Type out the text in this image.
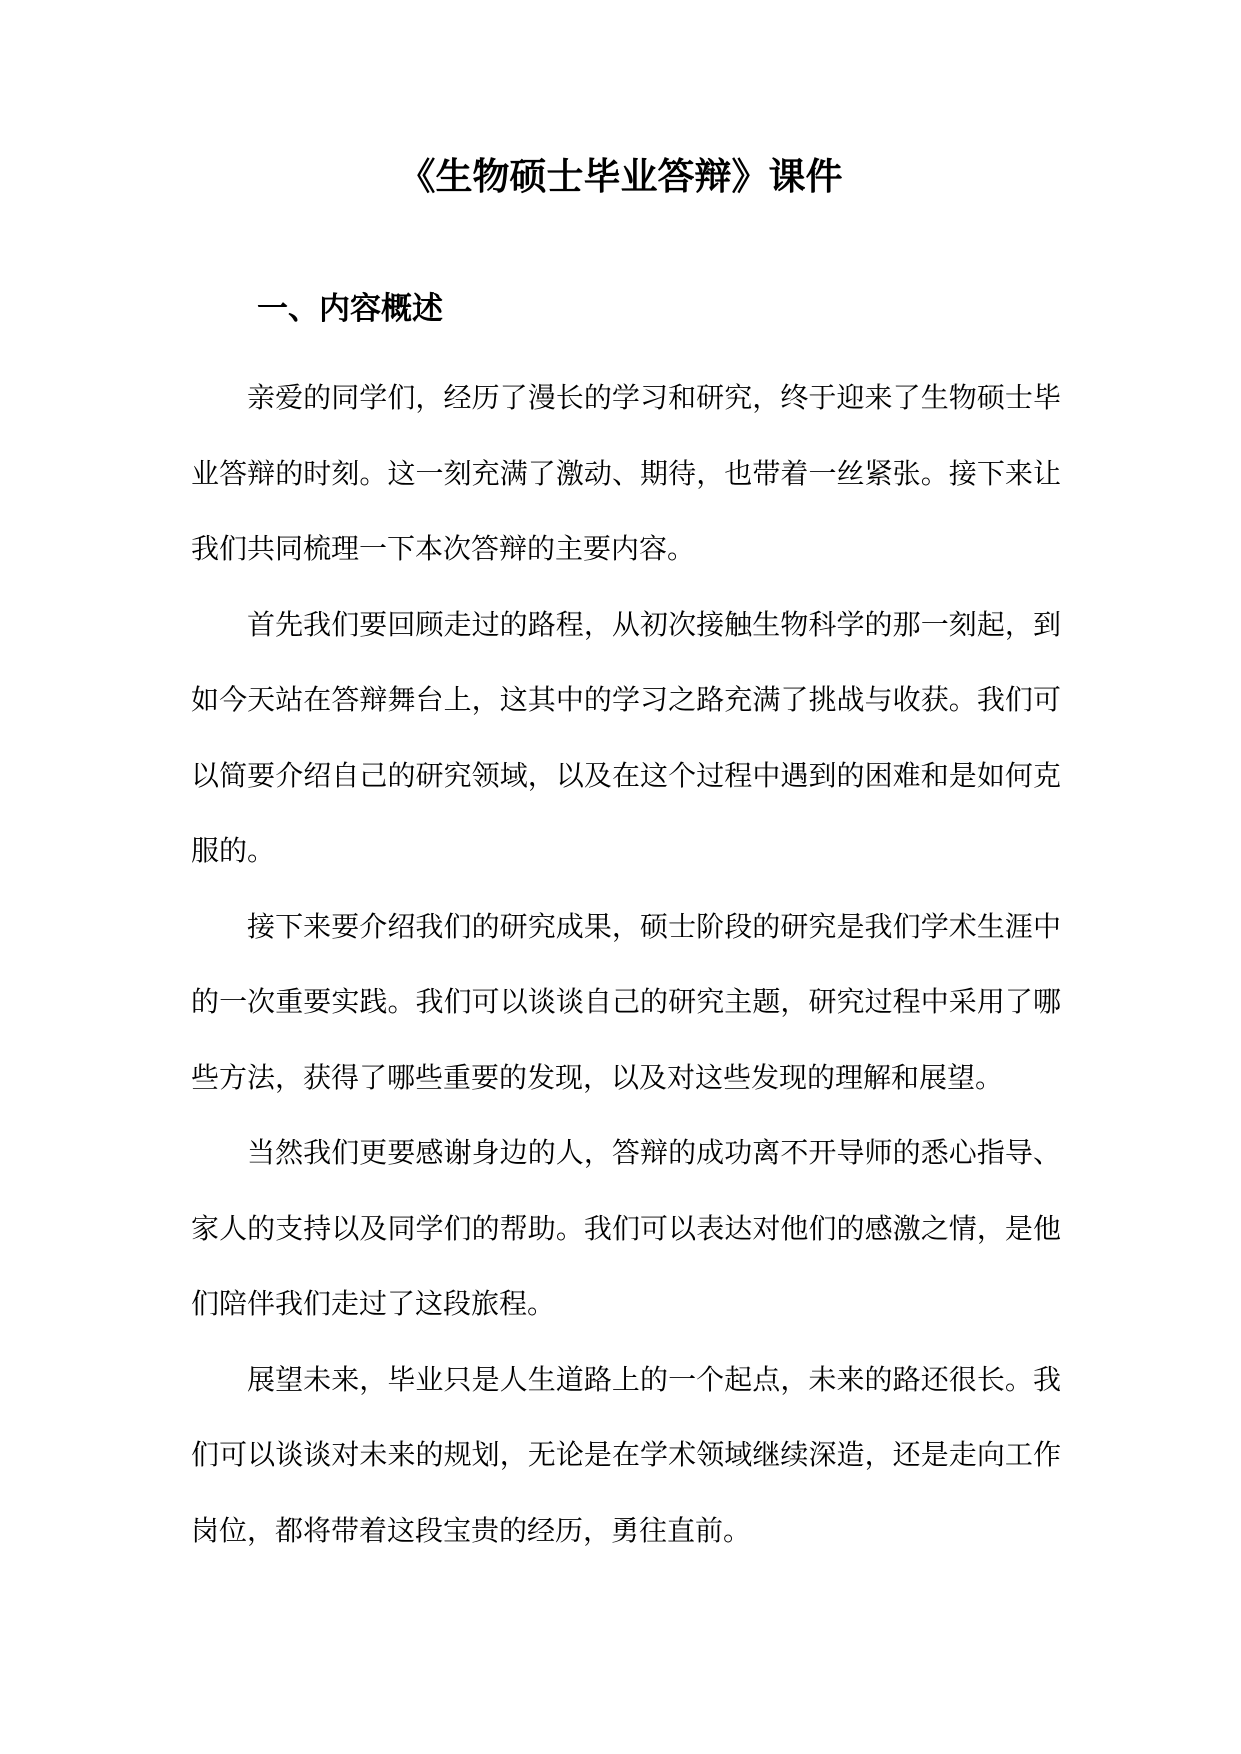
《生物硕士毕业答辩》课件
一、内容概述

亲爱的同学们，经历了漫长的学习和研究，终于迎来了生物硕士毕业答辩的时刻。这一刻充满了激动、期待，也带着一丝紧张。接下来让我们共同梳理一下本次答辩的主要内容。

首先我们要回顾走过的路程，从初次接触生物科学的那一刻起，到如今天站在答辩舞台上，这其中的学习之路充满了挑战与收获。我们可以简要介绍自己的研究领域，以及在这个过程中遇到的困难和是如何克服的。

接下来要介绍我们的研究成果，硕士阶段的研究是我们学术生涯中的一次重要实践。我们可以谈谈自己的研究主题，研究过程中采用了哪些方法，获得了哪些重要的发现，以及对这些发现的理解和展望。

当然我们更要感谢身边的人，答辩的成功离不开导师的悉心指导、家人的支持以及同学们的帮助。我们可以表达对他们的感激之情，是他们陪伴我们走过了这段旅程。

展望未来，毕业只是人生道路上的一个起点，未来的路还很长。我们可以谈谈对未来的规划，无论是在学术领域继续深造，还是走向工作岗位，都将带着这段宝贵的经历，勇往直前。
